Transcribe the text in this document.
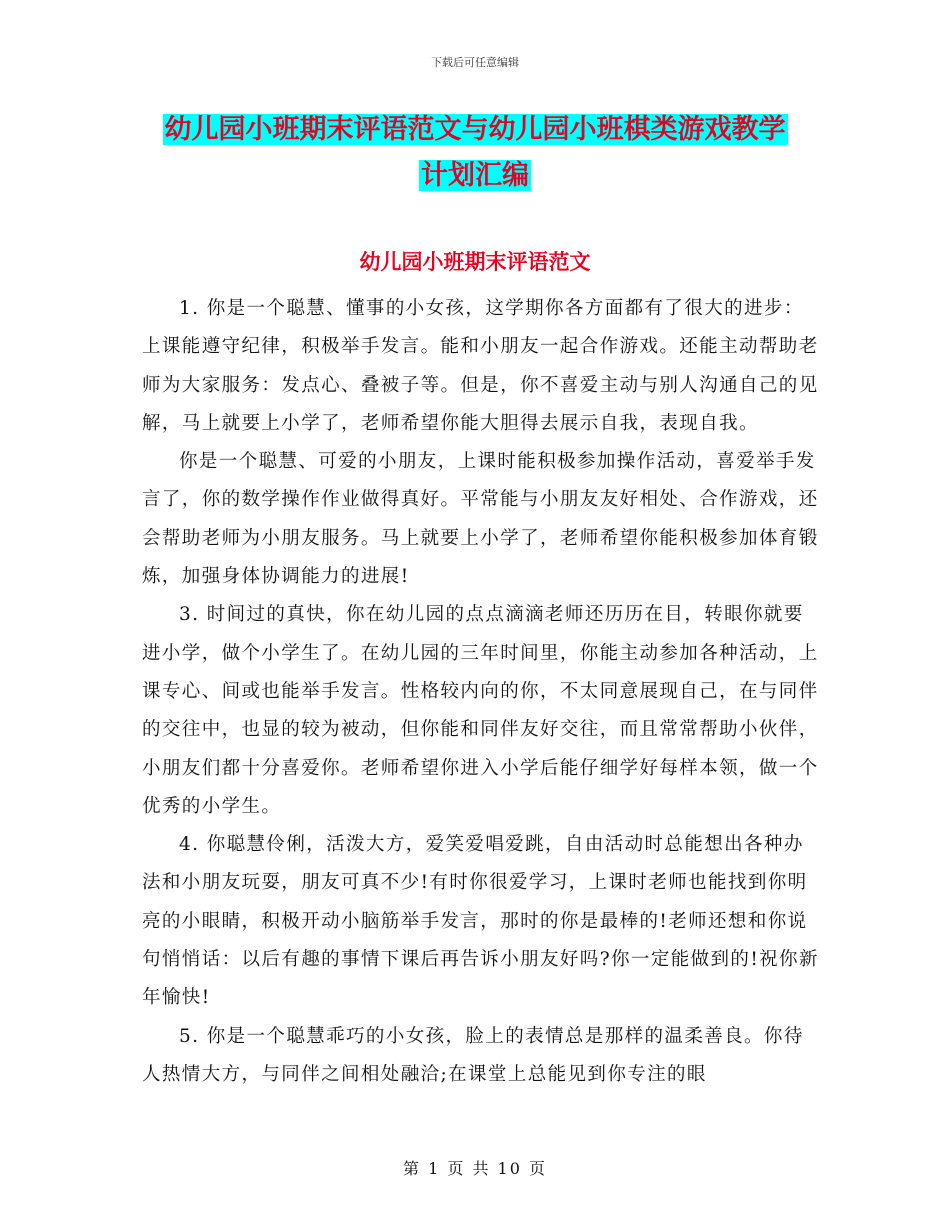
下载后可任意编辑
幼儿园小班期末评语范文与幼儿园小班棋类游戏教学
计划汇编
幼儿园小班期末评语范文

1. 你是一个聪慧、懂事的小女孩，这学期你各方面都有了很大的进步：上课能遵守纪律，积极举手发言。能和小朋友一起合作游戏。还能主动帮助老师为大家服务：发点心、叠被子等。但是，你不喜爱主动与别人沟通自己的见解，马上就要上小学了，老师希望你能大胆得去展示自我，表现自我。

你是一个聪慧、可爱的小朋友，上课时能积极参加操作活动，喜爱举手发言了，你的数学操作作业做得真好。平常能与小朋友友好相处、合作游戏，还会帮助老师为小朋友服务。马上就要上小学了，老师希望你能积极参加体育锻炼，加强身体协调能力的进展!

3. 时间过的真快，你在幼儿园的点点滴滴老师还历历在目，转眼你就要进小学，做个小学生了。在幼儿园的三年时间里，你能主动参加各种活动，上课专心、间或也能举手发言。性格较内向的你，不太同意展现自己，在与同伴的交往中，也显的较为被动，但你能和同伴友好交往，而且常常帮助小伙伴，小朋友们都十分喜爱你。老师希望你进入小学后能仔细学好每样本领，做一个优秀的小学生。

4. 你聪慧伶俐，活泼大方，爱笑爱唱爱跳，自由活动时总能想出各种办法和小朋友玩耍，朋友可真不少!有时你很爱学习，上课时老师也能找到你明亮的小眼睛，积极开动小脑筋举手发言，那时的你是最棒的!老师还想和你说句悄悄话：以后有趣的事情下课后再告诉小朋友好吗?你一定能做到的!祝你新年愉快!

5. 你是一个聪慧乖巧的小女孩，脸上的表情总是那样的温柔善良。你待人热情大方，与同伴之间相处融洽;在课堂上总能见到你专注的眼

第 1 页 共 10 页
